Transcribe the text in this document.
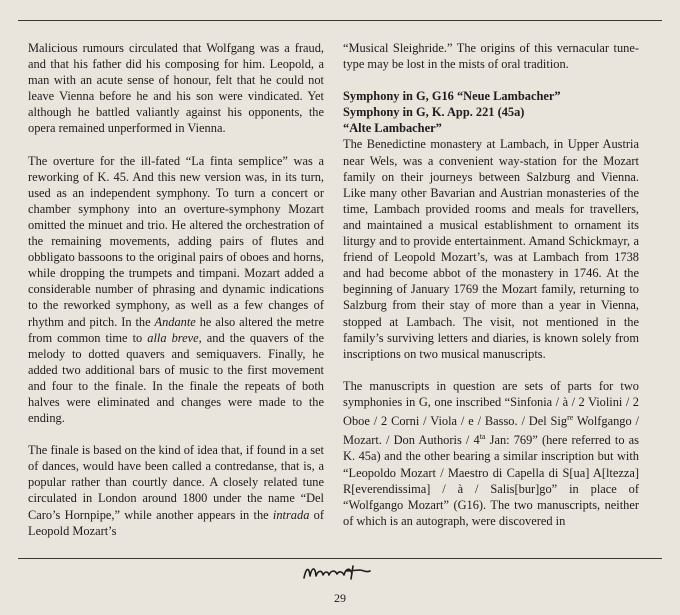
Malicious rumours circulated that Wolfgang was a fraud, and that his father did his composing for him. Leopold, a man with an acute sense of honour, felt that he could not leave Vienna before he and his son were vindicated. Yet although he battled valiantly against his opponents, the opera remained unperformed in Vienna.

The overture for the ill-fated “La finta semplice” was a reworking of K. 45. And this new version was, in its turn, used as an independent symphony. To turn a concert or chamber symphony into an overture-symphony Mozart omitted the minuet and trio. He altered the orchestration of the remaining movements, adding pairs of flutes and obbligato bassoons to the original pairs of oboes and horns, while dropping the trumpets and timpani. Mozart added a considerable number of phrasing and dynamic indications to the reworked symphony, as well as a few changes of rhythm and pitch. In the Andante he also altered the metre from common time to alla breve, and the quavers of the melody to dotted quavers and semiquavers. Finally, he added two additional bars of music to the first movement and four to the finale. In the finale the repeats of both halves were eliminated and changes were made to the ending.

The finale is based on the kind of idea that, if found in a set of dances, would have been called a contredanse, that is, a popular rather than courtly dance. A closely related tune circulated in London around 1800 under the name “Del Caro’s Hornpipe,” while another appears in the intrada of Leopold Mozart’s

“Musical Sleighride.” The origins of this vernacular tune-type may be lost in the mists of oral tradition.

Symphony in G, G16 “Neue Lambacher”
Symphony in G, K. App. 221 (45a)
“Alte Lambacher”

The Benedictine monastery at Lambach, in Upper Austria near Wels, was a convenient way-station for the Mozart family on their journeys between Salzburg and Vienna. Like many other Bavarian and Austrian monasteries of the time, Lambach provided rooms and meals for travellers, and maintained a musical establishment to ornament its liturgy and to provide entertainment. Amand Schickmayr, a friend of Leopold Mozart’s, was at Lambach from 1738 and had become abbot of the monastery in 1746. At the beginning of January 1769 the Mozart family, returning to Salzburg from their stay of more than a year in Vienna, stopped at Lambach. The visit, not mentioned in the family’s surviving letters and diaries, is known solely from inscriptions on two musical manuscripts.

The manuscripts in question are sets of parts for two symphonies in G, one inscribed “Sinfonia / à / 2 Violini / 2 Oboe / 2 Corni / Viola / e / Basso. / Del Sig$^{re}$ Wolfgango / Mozart. / Don Authoris / $4^{ta}$ Jan: 769” (here referred to as K. 45a) and the other bearing a similar inscription but with “Leopoldo Mozart / Maestro di Capella di S[ua] A[ltezza] R[everendissima] / à / Salis[bur]go” in place of “Wolfgango Mozart” (G16). The two manuscripts, neither of which is an autograph, were discovered in

29
